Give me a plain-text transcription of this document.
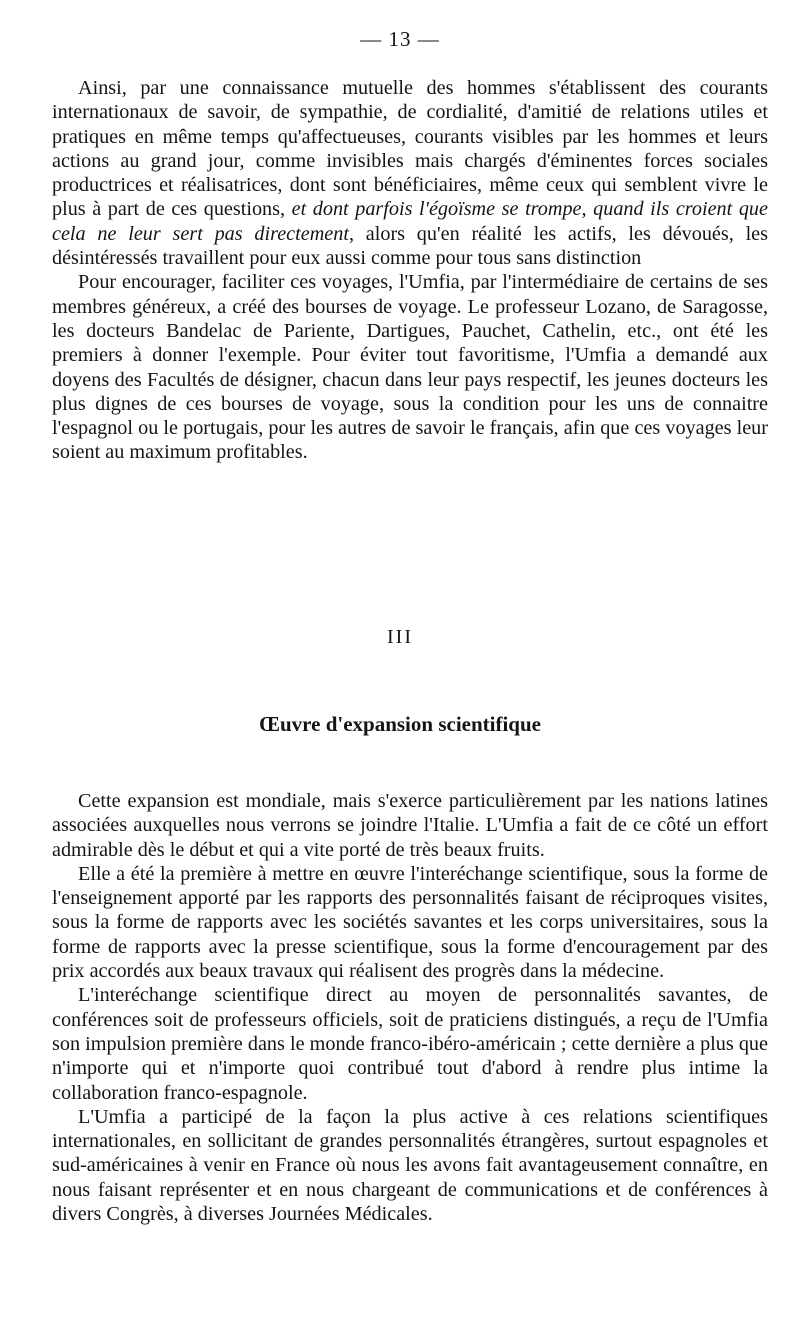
— 13 —

Ainsi, par une connaissance mutuelle des hommes s'établissent des courants internationaux de savoir, de sympathie, de cordialité, d'amitié de relations utiles et pratiques en même temps qu'affectueuses, courants visibles par les hommes et leurs actions au grand jour, comme invisibles mais chargés d'éminentes forces sociales productrices et réalisatrices, dont sont bénéficiaires, même ceux qui semblent vivre le plus à part de ces questions, et dont parfois l'égoïsme se trompe, quand ils croient que cela ne leur sert pas directement, alors qu'en réalité les actifs, les dévoués, les désintéressés travaillent pour eux aussi comme pour tous sans distinction

Pour encourager, faciliter ces voyages, l'Umfia, par l'intermédiaire de certains de ses membres généreux, a créé des bourses de voyage. Le professeur Lozano, de Saragosse, les docteurs Bandelac de Pariente, Dartigues, Pauchet, Cathelin, etc., ont été les premiers à donner l'exemple. Pour éviter tout favoritisme, l'Umfia a demandé aux doyens des Facultés de désigner, chacun dans leur pays respectif, les jeunes docteurs les plus dignes de ces bourses de voyage, sous la condition pour les uns de connaitre l'espagnol ou le portugais, pour les autres de savoir le français, afin que ces voyages leur soient au maximum profitables.

III
Œuvre d'expansion scientifique

Cette expansion est mondiale, mais s'exerce particulièrement par les nations latines associées auxquelles nous verrons se joindre l'Italie. L'Umfia a fait de ce côté un effort admirable dès le début et qui a vite porté de très beaux fruits.

Elle a été la première à mettre en œuvre l'interéchange scientifique, sous la forme de l'enseignement apporté par les rapports des personnalités faisant de réciproques visites, sous la forme de rapports avec les sociétés savantes et les corps universitaires, sous la forme de rapports avec la presse scientifique, sous la forme d'encouragement par des prix accordés aux beaux travaux qui réalisent des progrès dans la médecine.

L'interéchange scientifique direct au moyen de personnalités savantes, de conférences soit de professeurs officiels, soit de praticiens distingués, a reçu de l'Umfia son impulsion première dans le monde franco-ibéro-américain ; cette dernière a plus que n'importe qui et n'importe quoi contribué tout d'abord à rendre plus intime la collaboration franco-espagnole.

L'Umfia a participé de la façon la plus active à ces relations scientifiques internationales, en sollicitant de grandes personnalités étrangères, surtout espagnoles et sud-américaines à venir en France où nous les avons fait avantageusement connaître, en nous faisant représenter et en nous chargeant de communications et de conférences à divers Congrès, à diverses Journées Médicales.
